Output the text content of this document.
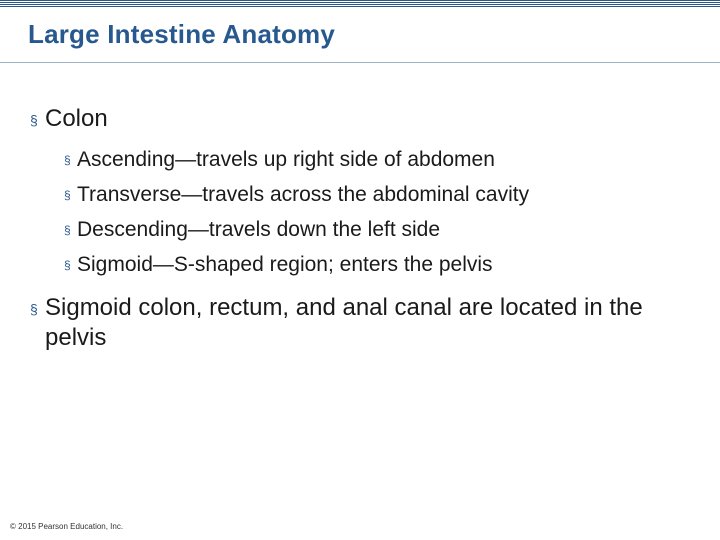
Large Intestine Anatomy
§ Colon
§ Ascending—travels up right side of abdomen
§ Transverse—travels across the abdominal cavity
§ Descending—travels down the left side
§ Sigmoid—S-shaped region; enters the pelvis
§ Sigmoid colon, rectum, and anal canal are located in the pelvis
© 2015 Pearson Education, Inc.
